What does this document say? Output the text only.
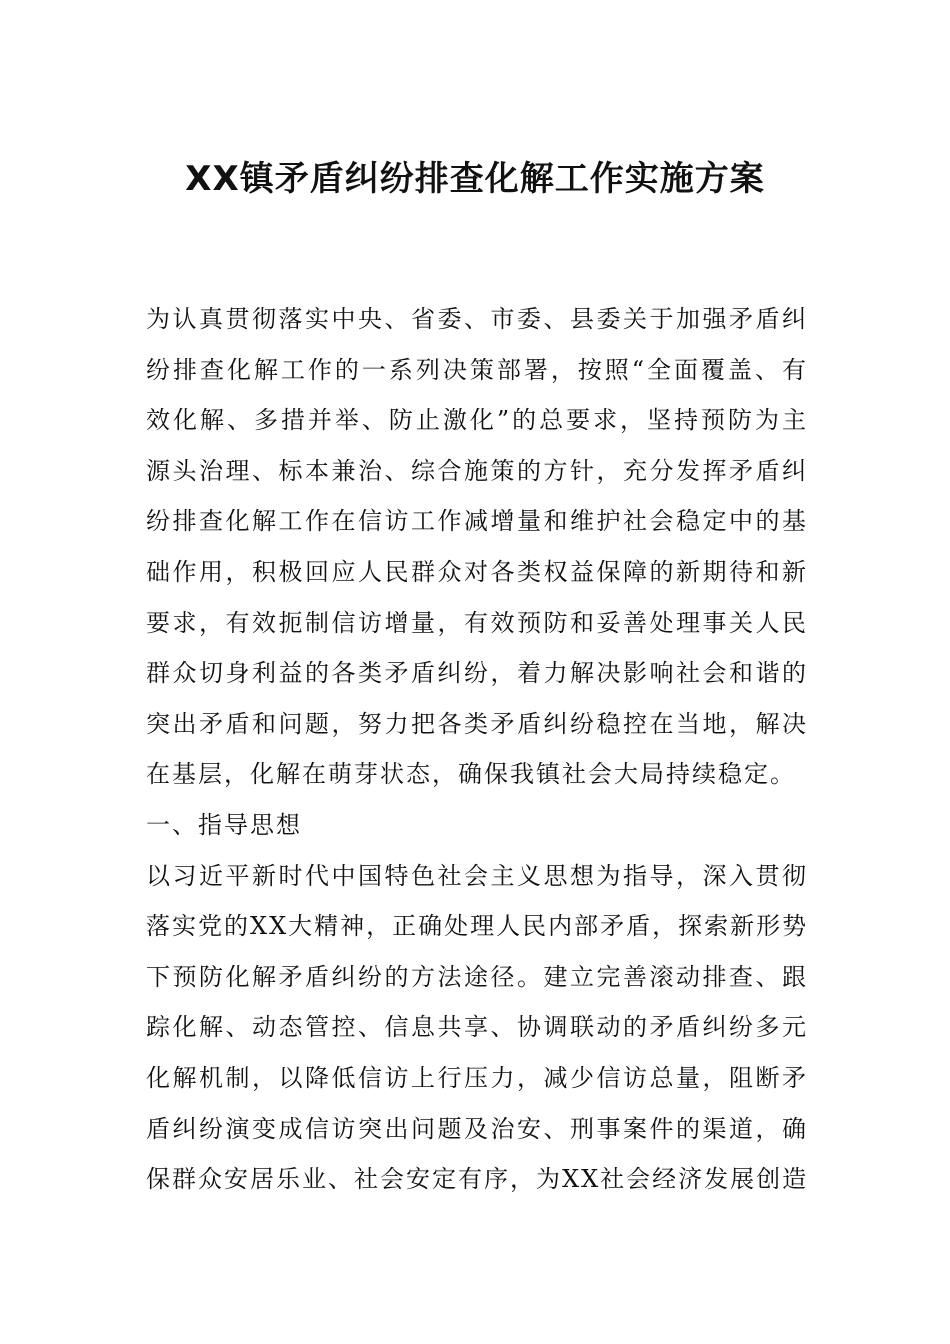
XX镇矛盾纠纷排查化解工作实施方案
为认真贯彻落实中央、省委、市委、县委关于加强矛盾纠
纷排查化解工作的一系列决策部署，按照“全面覆盖、有
效化解、多措并举、防止激化”的总要求，坚持预防为主
源头治理、标本兼治、综合施策的方针，充分发挥矛盾纠
纷排查化解工作在信访工作减增量和维护社会稳定中的基
础作用，积极回应人民群众对各类权益保障的新期待和新
要求，有效扼制信访增量，有效预防和妥善处理事关人民
群众切身利益的各类矛盾纠纷，着力解决影响社会和谐的
突出矛盾和问题，努力把各类矛盾纠纷稳控在当地，解决
在基层，化解在萌芽状态，确保我镇社会大局持续稳定。
一、指导思想
以习近平新时代中国特色社会主义思想为指导，深入贯彻
落实党的XX大精神，正确处理人民内部矛盾，探索新形势
下预防化解矛盾纠纷的方法途径。建立完善滚动排查、跟
踪化解、动态管控、信息共享、协调联动的矛盾纠纷多元
化解机制，以降低信访上行压力，减少信访总量，阻断矛
盾纠纷演变成信访突出问题及治安、刑事案件的渠道，确
保群众安居乐业、社会安定有序，为XX社会经济发展创造
